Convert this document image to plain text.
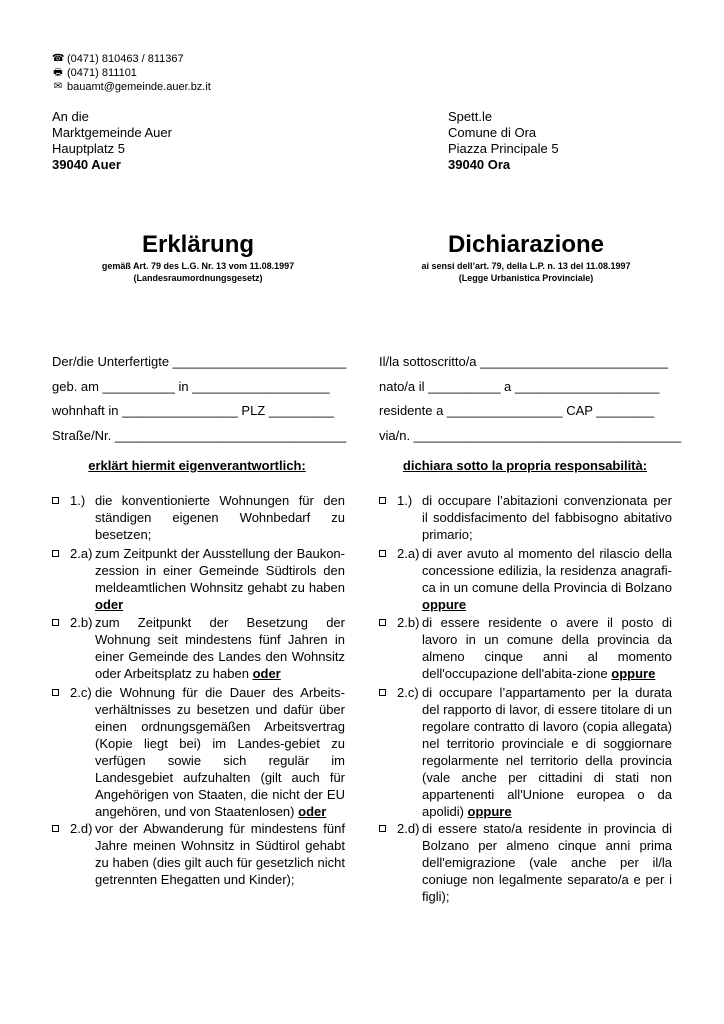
☎ (0471) 810463 / 811367
🖶 (0471) 811101
✉ bauamt@gemeinde.auer.bz.it
An die
Marktgemeinde Auer
Hauptplatz 5
39040 Auer
Spett.le
Comune di Ora
Piazza Principale 5
39040 Ora
Erklärung
gemäß Art. 79 des L.G. Nr. 13 vom 11.08.1997
(Landesraumordnungsgesetz)
Dichiarazione
ai sensi dell’art. 79, della L.P. n. 13 del 11.08.1997
(Legge Urbanistica Provinciale)
Der/die Unterfertigte ________________________
geb. am __________ in ___________________
wohnhaft in ________________ PLZ _________
Straße/Nr. ________________________________
Il/la sottoscritto/a __________________________
nato/a il __________ a ____________________
residente a ________________ CAP ________
via/n. _____________________________________
erklärt hiermit eigenverantwortlich:	dichiara sotto la propria responsabilità:
1.) die konventionierte Wohnungen für den ständigen eigenen Wohnbedarf zu besetzen;
2.a) zum Zeitpunkt der Ausstellung der Baukon-zession in einer Gemeinde Südtirols den meldeamtlichen Wohnsitz gehabt zu haben oder
2.b) zum Zeitpunkt der Besetzung der Wohnung seit mindestens fünf Jahren in einer Gemeinde des Landes den Wohnsitz oder Arbeitsplatz zu haben oder
2.c) die Wohnung für die Dauer des Arbeits-verhältnisses zu besetzen und dafür über einen ordnungsgemäßen Arbeitsvertrag (Kopie liegt bei) im Landes-gebiet zu verfügen sowie sich regulär im Landesgebiet aufzuhalten (gilt auch für Angehörigen von Staaten, die nicht der EU angehören, und von Staatenlosen) oder
2.d) vor der Abwanderung für mindestens fünf Jahre meinen Wohnsitz in Südtirol gehabt zu haben (dies gilt auch für gesetzlich nicht getrennten Ehegatten und Kinder);
1.) di occupare l’abitazioni convenzionata per il soddisfacimento del fabbisogno abitativo primario;
2.a) di aver avuto al momento del rilascio della concessione edilizia, la residenza anagrafi-ca in un comune della Provincia di Bolzano oppure
2.b) di essere residente o avere il posto di lavoro in un comune della provincia da almeno cinque anni al momento dell'occupazione dell'abita-zione oppure
2.c) di occupare l’appartamento per la durata del rapporto di lavor, di essere titolare di un regolare contratto di lavoro (copia allegata) nel territorio provinciale e di soggiornare regolarmente nel territorio della provincia (vale anche per cittadini di stati non appartenenti all'Unione europea o da apolidi) oppure
2.d) di essere stato/a residente in provincia di Bolzano per almeno cinque anni prima dell'emigrazione (vale anche per il/la coniuge non legalmente separato/a e per i figli);
